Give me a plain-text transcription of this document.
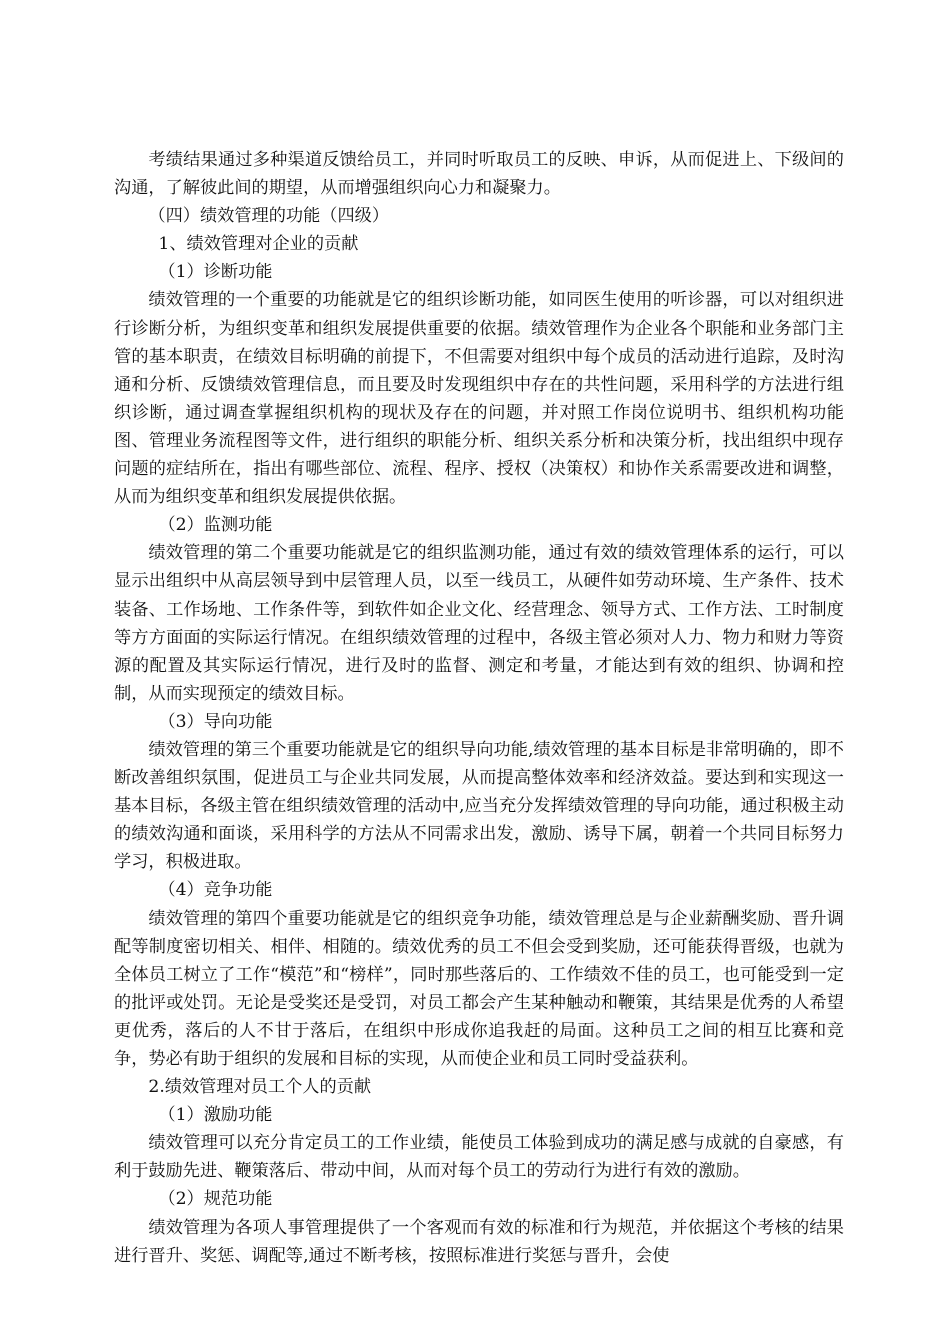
考绩结果通过多种渠道反馈给员工，并同时听取员工的反映、申诉，从而促进上、下级间的沟通，了解彼此间的期望，从而增强组织向心力和凝聚力。

（四）绩效管理的功能（四级）

1、绩效管理对企业的贡献

（1）诊断功能

绩效管理的一个重要的功能就是它的组织诊断功能，如同医生使用的听诊器，可以对组织进行诊断分析，为组织变革和组织发展提供重要的依据。绩效管理作为企业各个职能和业务部门主管的基本职责，在绩效目标明确的前提下，不但需要对组织中每个成员的活动进行追踪，及时沟通和分析、反馈绩效管理信息，而且要及时发现组织中存在的共性问题，采用科学的方法进行组织诊断，通过调查掌握组织机构的现状及存在的问题，并对照工作岗位说明书、组织机构功能图、管理业务流程图等文件，进行组织的职能分析、组织关系分析和决策分析，找出组织中现存问题的症结所在，指出有哪些部位、流程、程序、授权（决策权）和协作关系需要改进和调整，从而为组织变革和组织发展提供依据。

（2）监测功能

绩效管理的第二个重要功能就是它的组织监测功能，通过有效的绩效管理体系的运行，可以显示出组织中从高层领导到中层管理人员，以至一线员工，从硬件如劳动环境、生产条件、技术装备、工作场地、工作条件等，到软件如企业文化、经营理念、领导方式、工作方法、工时制度等方方面面的实际运行情况。在组织绩效管理的过程中，各级主管必须对人力、物力和财力等资源的配置及其实际运行情况，进行及时的监督、测定和考量，才能达到有效的组织、协调和控制，从而实现预定的绩效目标。

（3）导向功能

绩效管理的第三个重要功能就是它的组织导向功能,绩效管理的基本目标是非常明确的，即不断改善组织氛围，促进员工与企业共同发展，从而提高整体效率和经济效益。要达到和实现这一基本目标，各级主管在组织绩效管理的活动中,应当充分发挥绩效管理的导向功能，通过积极主动的绩效沟通和面谈，采用科学的方法从不同需求出发，激励、诱导下属，朝着一个共同目标努力学习，积极进取。

（4）竞争功能

绩效管理的第四个重要功能就是它的组织竞争功能，绩效管理总是与企业薪酬奖励、晋升调配等制度密切相关、相伴、相随的。绩效优秀的员工不但会受到奖励，还可能获得晋级，也就为全体员工树立了工作“模范”和“榜样”，同时那些落后的、工作绩效不佳的员工，也可能受到一定的批评或处罚。无论是受奖还是受罚，对员工都会产生某种触动和鞭策，其结果是优秀的人希望更优秀，落后的人不甘于落后，在组织中形成你追我赶的局面。这种员工之间的相互比赛和竞争，势必有助于组织的发展和目标的实现，从而使企业和员工同时受益获利。

2.绩效管理对员工个人的贡献

（1）激励功能

绩效管理可以充分肯定员工的工作业绩，能使员工体验到成功的满足感与成就的自豪感，有利于鼓励先进、鞭策落后、带动中间，从而对每个员工的劳动行为进行有效的激励。

（2）规范功能

绩效管理为各项人事管理提供了一个客观而有效的标准和行为规范，并依据这个考核的结果进行晋升、奖惩、调配等,通过不断考核，按照标准进行奖惩与晋升，会使
